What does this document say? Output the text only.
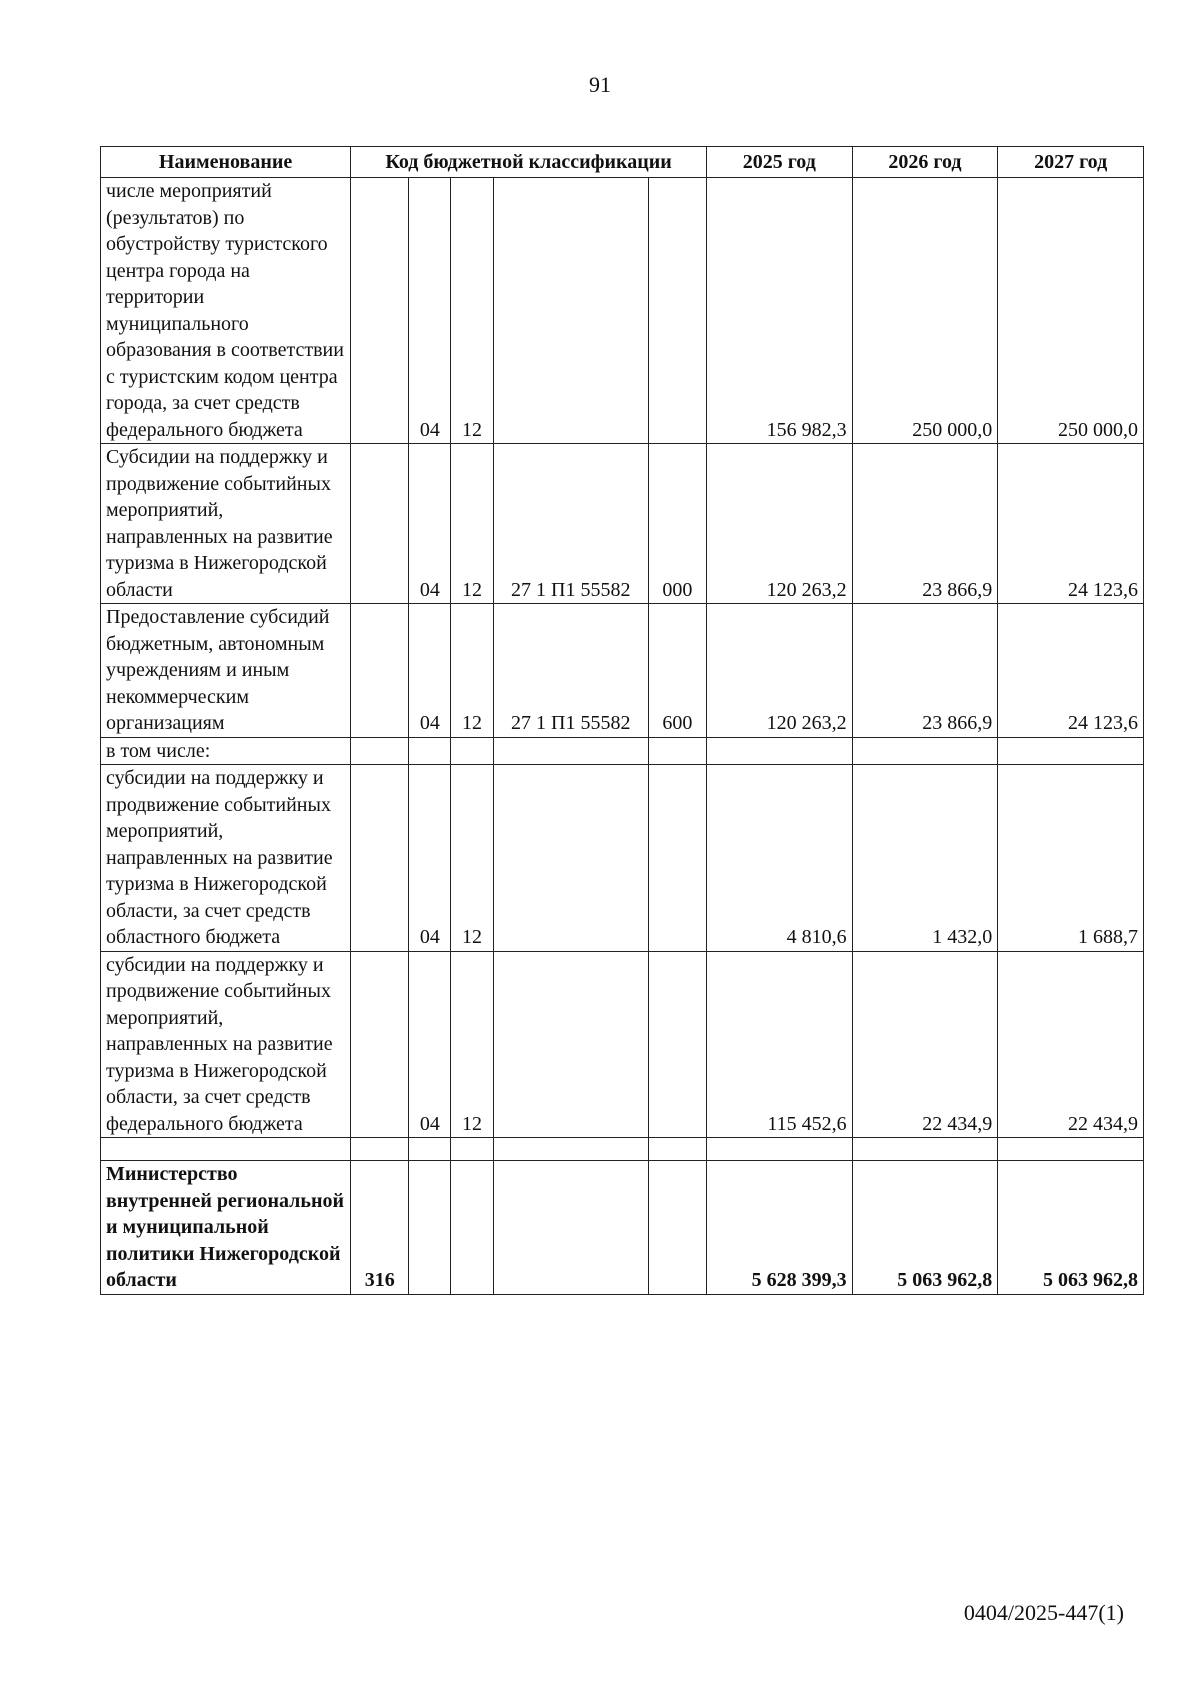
91
Наименование	Код бюджетной классификации					2025 год	2026 год	2027 год
числе мероприятий (результатов) по обустройству туристского центра города на территории муниципального образования в соответствии с туристским кодом центра города, за счет средств федерального бюджета		04	12			156 982,3	250 000,0	250 000,0
Субсидии на поддержку и продвижение событийных мероприятий, направленных на развитие туризма в Нижегородской области		04	12	27 1 П1 55582	000	120 263,2	23 866,9	24 123,6
Предоставление субсидий бюджетным, автономным учреждениям и иным некоммерческим организациям		04	12	27 1 П1 55582	600	120 263,2	23 866,9	24 123,6
в том числе:								
субсидии на поддержку и продвижение событийных мероприятий, направленных на развитие туризма в Нижегородской области, за счет средств областного бюджета		04	12			4 810,6	1 432,0	1 688,7
субсидии на поддержку и продвижение событийных мероприятий, направленных на развитие туризма в Нижегородской области, за счет средств федерального бюджета		04	12			115 452,6	22 434,9	22 434,9

Министерство внутренней региональной и муниципальной политики Нижегородской области	316					5 628 399,3	5 063 962,8	5 063 962,8
0404/2025-447(1)
